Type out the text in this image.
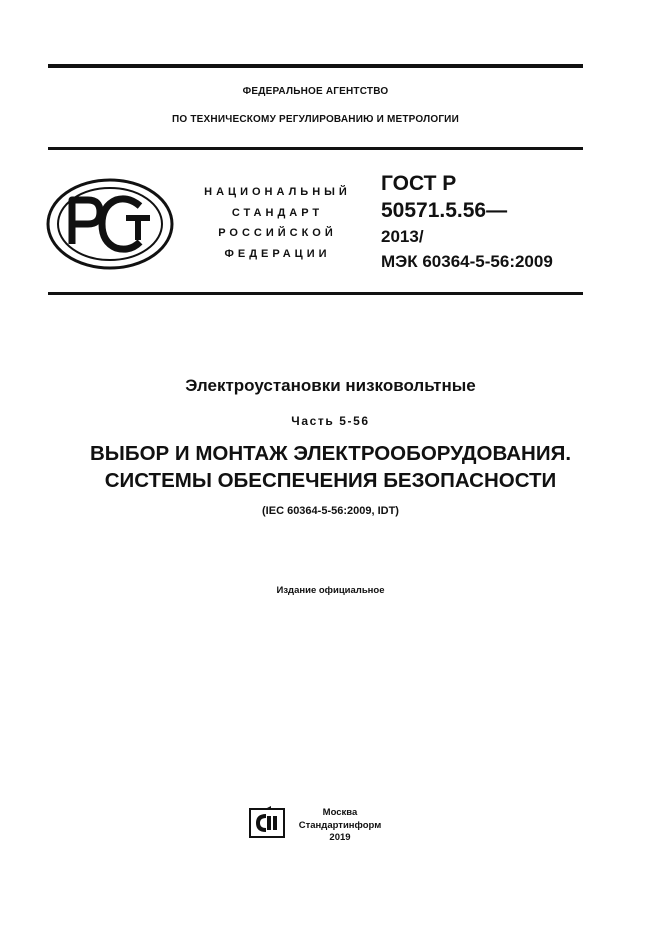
ФЕДЕРАЛЬНОЕ АГЕНТСТВО
ПО ТЕХНИЧЕСКОМУ РЕГУЛИРОВАНИЮ И МЕТРОЛОГИИ
НАЦИОНАЛЬНЫЙ
СТАНДАРТ
РОССИЙСКОЙ
ФЕДЕРАЦИИ
ГОСТ Р
50571.5.56—
2013/
МЭК 60364-5-56:2009
Электроустановки низковольтные
Часть 5-56
ВЫБОР И МОНТАЖ ЭЛЕКТРООБОРУДОВАНИЯ.
СИСТЕМЫ ОБЕСПЕЧЕНИЯ БЕЗОПАСНОСТИ
(IEC 60364-5-56:2009, IDT)
Издание официальное
Москва
Стандартинформ
2019
